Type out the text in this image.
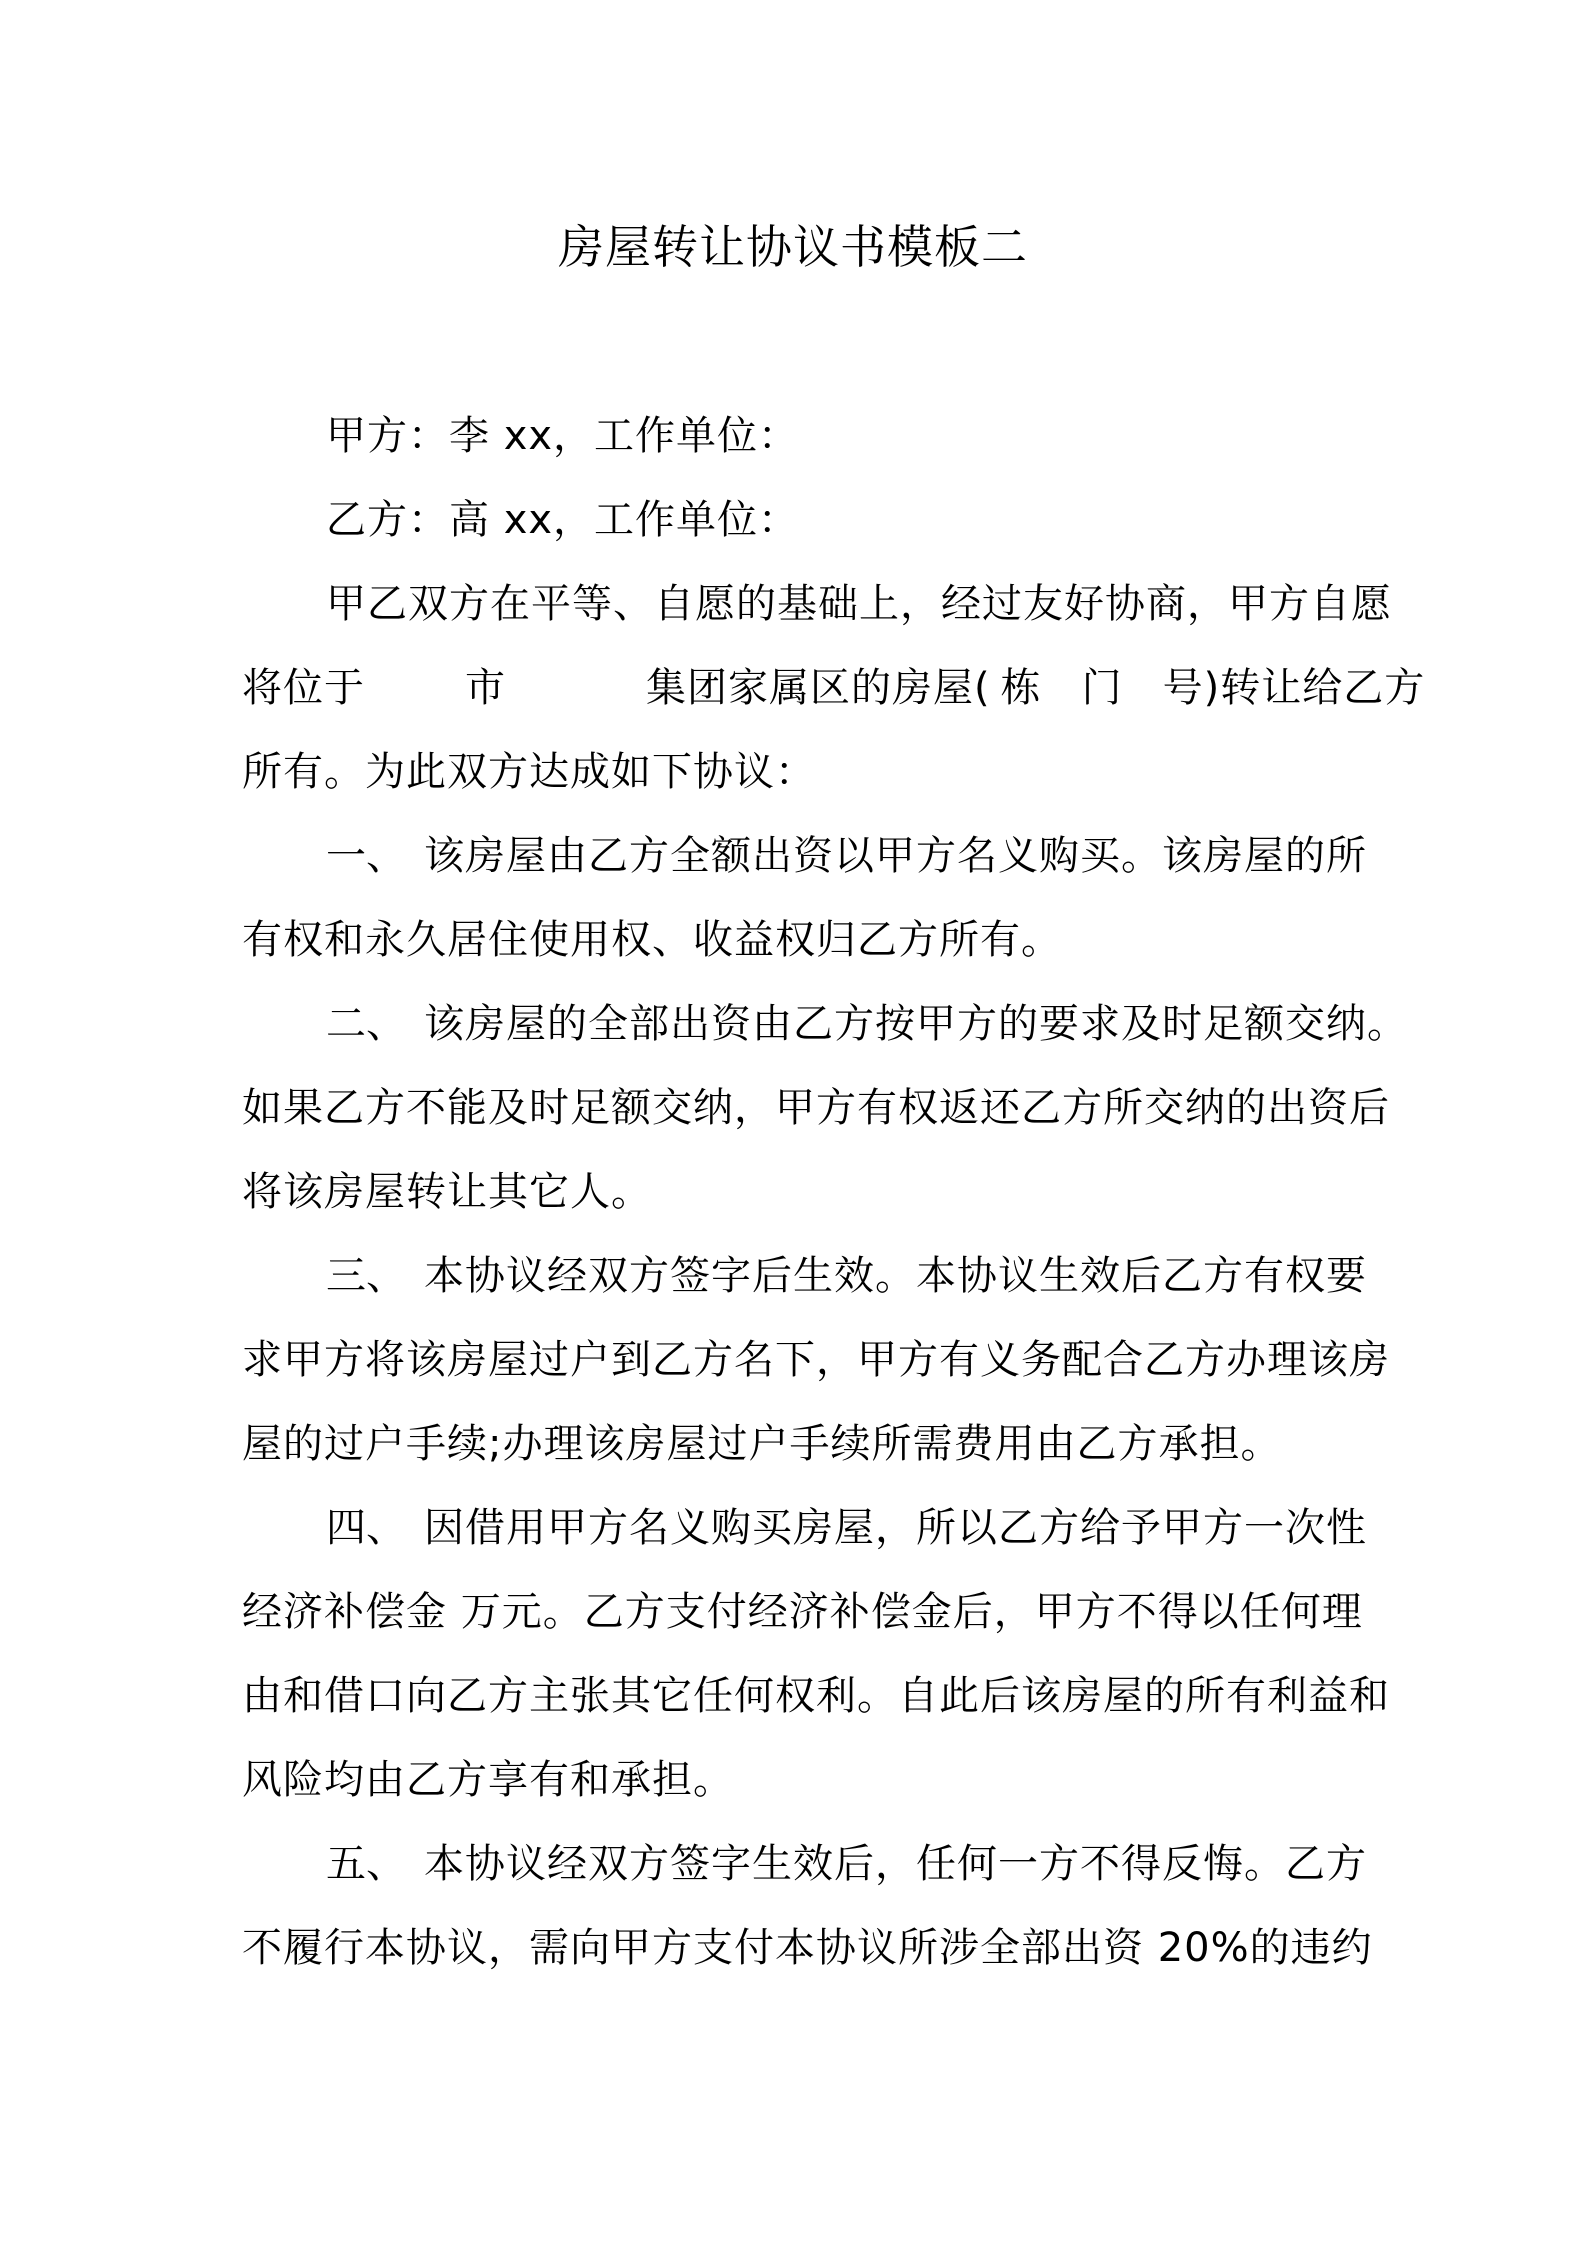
房屋转让协议书模板二
甲方：李 xx，工作单位：
乙方：高 xx，工作单位：
甲乙双方在平等、自愿的基础上，经过友好协商，甲方自愿
将位于	市	集团家属区的房屋( 栋 门 号)转让给乙方
所有。为此双方达成如下协议：
一、 该房屋由乙方全额出资以甲方名义购买。该房屋的所
有权和永久居住使用权、收益权归乙方所有。
二、 该房屋的全部出资由乙方按甲方的要求及时足额交纳。
如果乙方不能及时足额交纳，甲方有权返还乙方所交纳的出资后
将该房屋转让其它人。
三、 本协议经双方签字后生效。本协议生效后乙方有权要
求甲方将该房屋过户到乙方名下，甲方有义务配合乙方办理该房
屋的过户手续;办理该房屋过户手续所需费用由乙方承担。
四、 因借用甲方名义购买房屋，所以乙方给予甲方一次性
经济补偿金 万元。乙方支付经济补偿金后，甲方不得以任何理
由和借口向乙方主张其它任何权利。自此后该房屋的所有利益和
风险均由乙方享有和承担。
五、 本协议经双方签字生效后，任何一方不得反悔。乙方
不履行本协议，需向甲方支付本协议所涉全部出资 20%的违约
